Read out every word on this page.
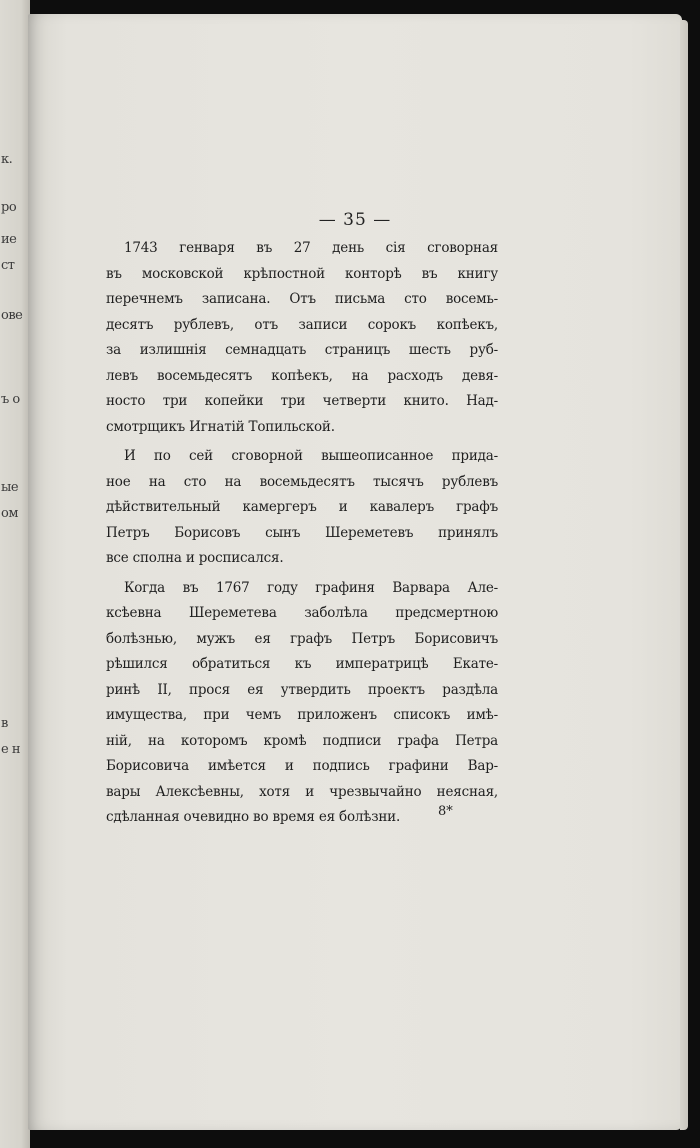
к.
ро
ие
ст
ове
ъ о
ые
ом
в
е н
— 35 —
1743 генваря въ 27 день сія сговорная
въ московской крѣпостной конторѣ въ книгу
перечнемъ записана. Отъ письма сто восемь-
десятъ рублевъ, отъ записи сорокъ копѣекъ,
за излишнія семнадцать страницъ шесть руб-
левъ восемьдесятъ копѣекъ, на расходъ девя-
носто три копейки три четверти книто. Над-
смотрщикъ Игнатій Топильской.
И по сей сговорной вышеописанное прида-
ное на сто на восемьдесятъ тысячъ рублевъ
дѣйствительный камергеръ и кавалеръ графъ
Петръ Борисовъ сынъ Шереметевъ принялъ
все сполна и росписался.
Когда въ 1767 году графиня Варвара Але-
ксѣевна Шереметева заболѣла предсмертною
болѣзнью, мужъ ея графъ Петръ Борисовичъ
рѣшился обратиться къ императрицѣ Екате-
ринѣ II, прося ея утвердить проектъ раздѣла
имущества, при чемъ приложенъ списокъ имѣ-
ній, на которомъ кромѣ подписи графа Петра
Борисовича имѣется и подпись графини Вар-
вары Алексѣевны, хотя и чрезвычайно неясная,
сдѣланная очевидно во время ея болѣзни.	8*
